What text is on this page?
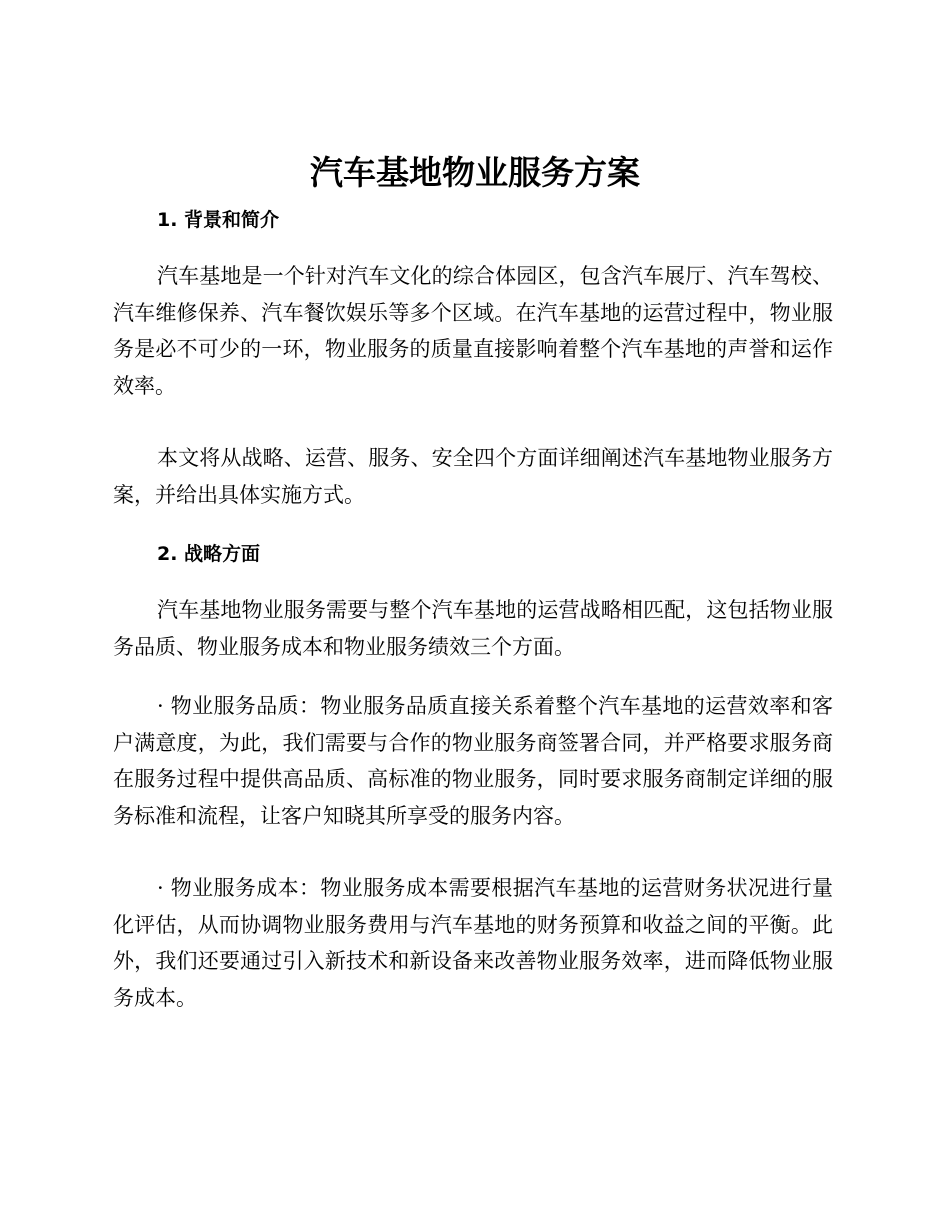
汽车基地物业服务方案
1. 背景和简介

汽车基地是一个针对汽车文化的综合体园区，包含汽车展厅、汽车驾校、汽车维修保养、汽车餐饮娱乐等多个区域。在汽车基地的运营过程中，物业服务是必不可少的一环，物业服务的质量直接影响着整个汽车基地的声誉和运作效率。

本文将从战略、运营、服务、安全四个方面详细阐述汽车基地物业服务方案，并给出具体实施方式。

2. 战略方面

汽车基地物业服务需要与整个汽车基地的运营战略相匹配，这包括物业服务品质、物业服务成本和物业服务绩效三个方面。

· 物业服务品质：物业服务品质直接关系着整个汽车基地的运营效率和客户满意度，为此，我们需要与合作的物业服务商签署合同，并严格要求服务商在服务过程中提供高品质、高标准的物业服务，同时要求服务商制定详细的服务标准和流程，让客户知晓其所享受的服务内容。

· 物业服务成本：物业服务成本需要根据汽车基地的运营财务状况进行量化评估，从而协调物业服务费用与汽车基地的财务预算和收益之间的平衡。此外，我们还要通过引入新技术和新设备来改善物业服务效率，进而降低物业服务成本。
